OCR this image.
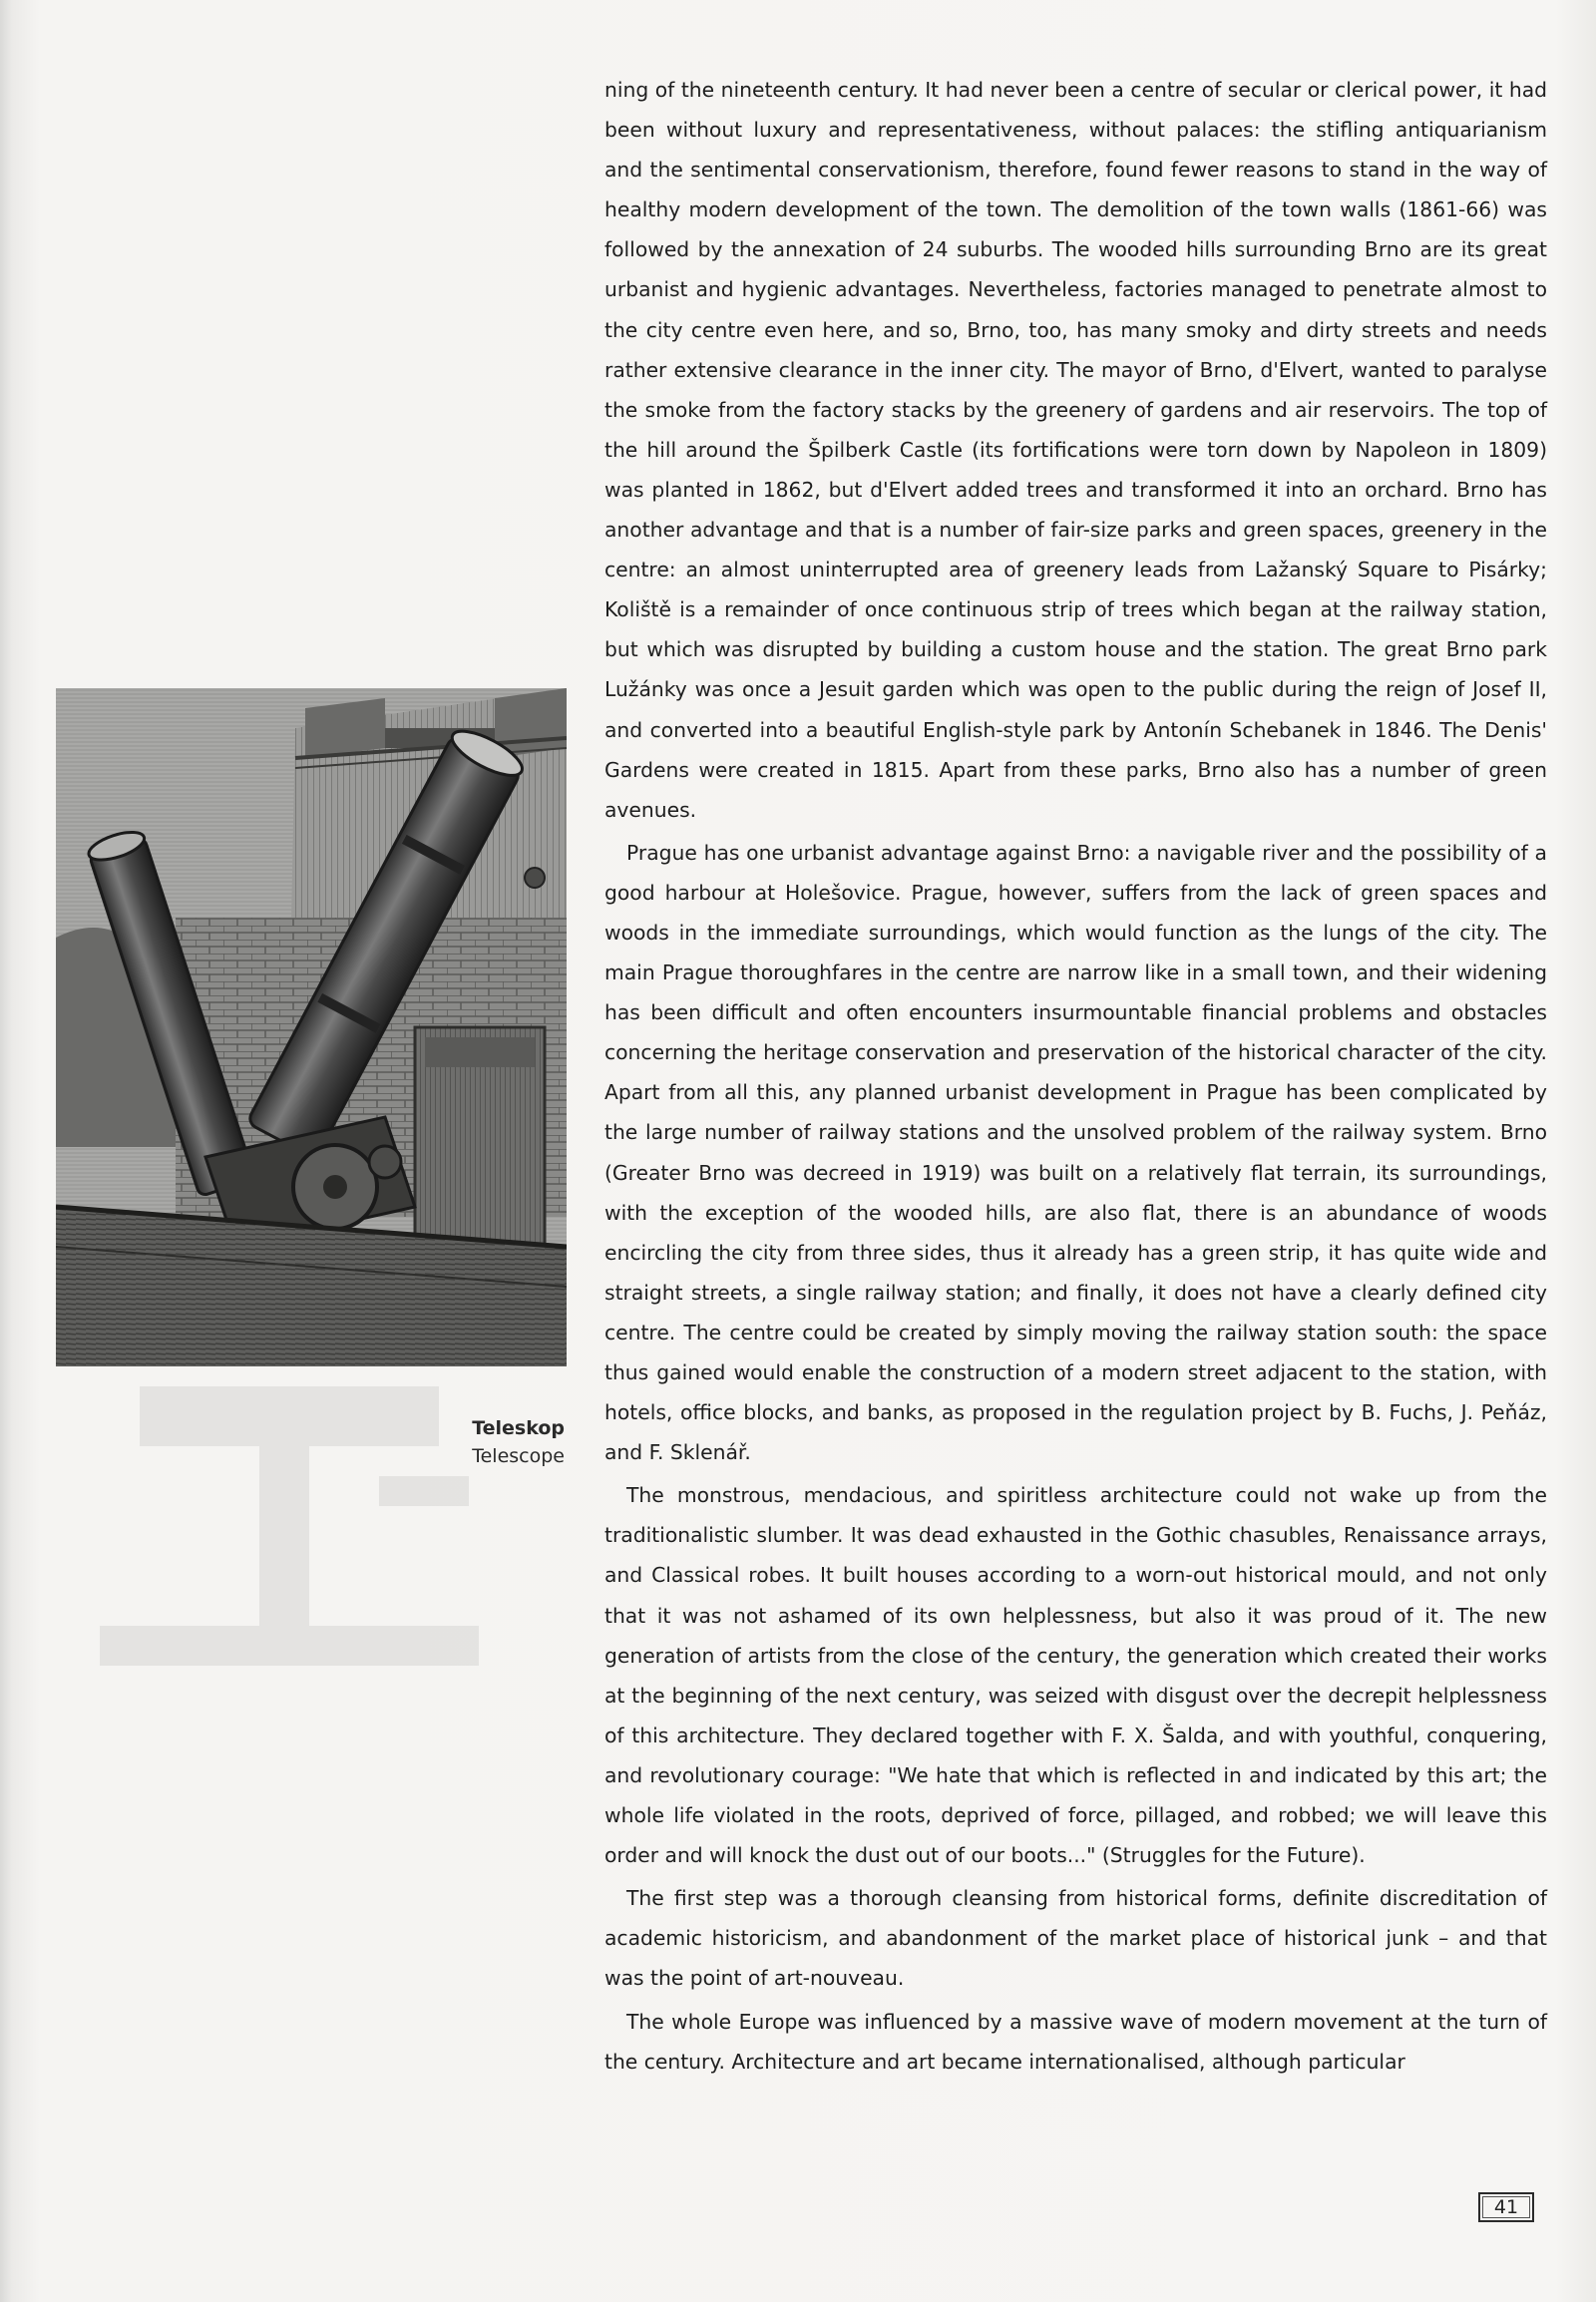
Teleskop
Telescope

ning of the nineteenth century. It had never been a centre of secular or clerical power, it had been without luxury and representativeness, without palaces: the stifling antiquarianism and the sentimental conservationism, therefore, found fewer reasons to stand in the way of healthy modern development of the town. The demolition of the town walls (1861-66) was followed by the annexation of 24 suburbs. The wooded hills surrounding Brno are its great urbanist and hygienic advantages. Nevertheless, factories managed to penetrate almost to the city centre even here, and so, Brno, too, has many smoky and dirty streets and needs rather extensive clearance in the inner city. The mayor of Brno, d'Elvert, wanted to paralyse the smoke from the factory stacks by the greenery of gardens and air reservoirs. The top of the hill around the Špilberk Castle (its fortifications were torn down by Napoleon in 1809) was planted in 1862, but d'Elvert added trees and transformed it into an orchard. Brno has another advantage and that is a number of fair-size parks and green spaces, greenery in the centre: an almost uninterrupted area of greenery leads from Lažanský Square to Pisárky; Koliště is a remainder of once continuous strip of trees which began at the railway station, but which was disrupted by building a custom house and the station. The great Brno park Lužánky was once a Jesuit garden which was open to the public during the reign of Josef II, and converted into a beautiful English-style park by Antonín Schebanek in 1846. The Denis' Gardens were created in 1815. Apart from these parks, Brno also has a number of green avenues.

Prague has one urbanist advantage against Brno: a navigable river and the possibility of a good harbour at Holešovice. Prague, however, suffers from the lack of green spaces and woods in the immediate surroundings, which would function as the lungs of the city. The main Prague thoroughfares in the centre are narrow like in a small town, and their widening has been difficult and often encounters insurmountable financial problems and obstacles concerning the heritage conservation and preservation of the historical character of the city. Apart from all this, any planned urbanist development in Prague has been complicated by the large number of railway stations and the unsolved problem of the railway system. Brno (Greater Brno was decreed in 1919) was built on a relatively flat terrain, its surroundings, with the exception of the wooded hills, are also flat, there is an abundance of woods encircling the city from three sides, thus it already has a green strip, it has quite wide and straight streets, a single railway station; and finally, it does not have a clearly defined city centre. The centre could be created by simply moving the railway station south: the space thus gained would enable the construction of a modern street adjacent to the station, with hotels, office blocks, and banks, as proposed in the regulation project by B. Fuchs, J. Peňáz, and F. Sklenář.

The monstrous, mendacious, and spiritless architecture could not wake up from the traditionalistic slumber. It was dead exhausted in the Gothic chasubles, Renaissance arrays, and Classical robes. It built houses according to a worn-out historical mould, and not only that it was not ashamed of its own helplessness, but also it was proud of it. The new generation of artists from the close of the century, the generation which created their works at the beginning of the next century, was seized with disgust over the decrepit helplessness of this architecture. They declared together with F. X. Šalda, and with youthful, conquering, and revolutionary courage: "We hate that which is reflected in and indicated by this art; the whole life violated in the roots, deprived of force, pillaged, and robbed; we will leave this order and will knock the dust out of our boots..." (Struggles for the Future).

The first step was a thorough cleansing from historical forms, definite discreditation of academic historicism, and abandonment of the market place of historical junk – and that was the point of art-nouveau.

The whole Europe was influenced by a massive wave of modern movement at the turn of the century. Architecture and art became internationalised, although particular

41
